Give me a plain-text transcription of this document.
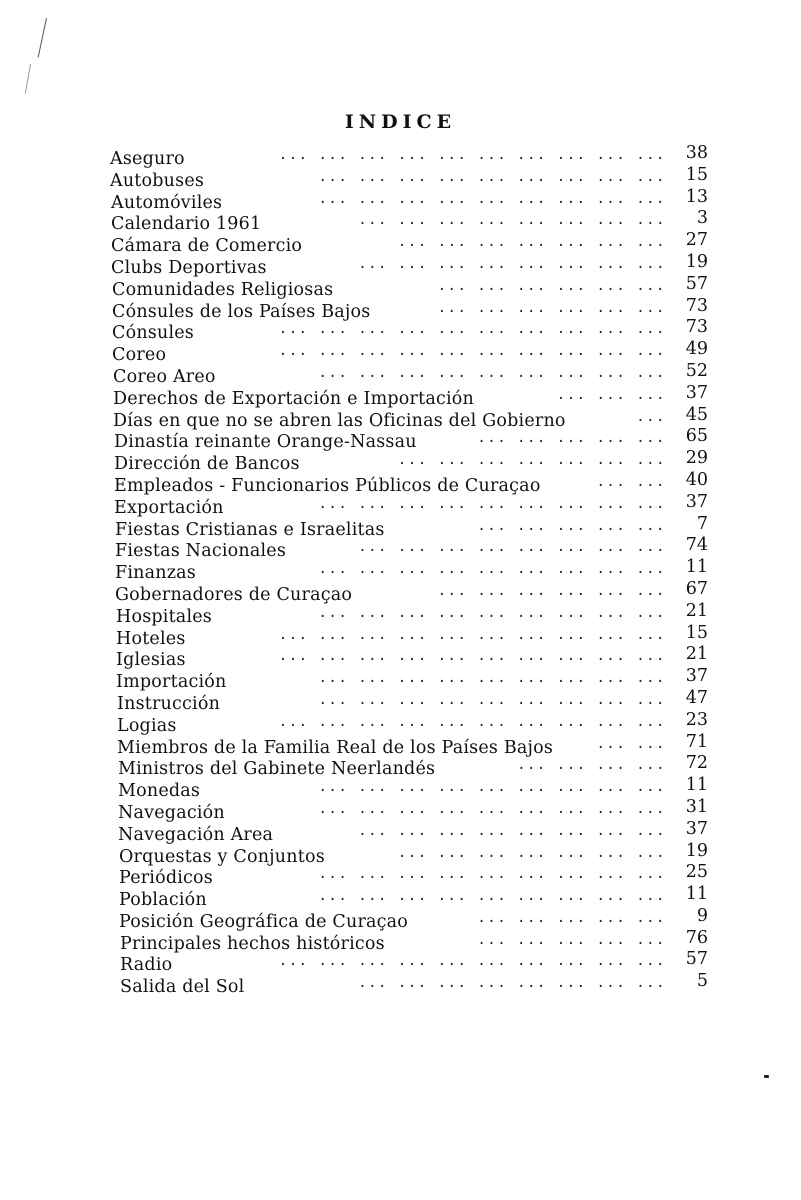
INDICE
Aseguro	... ... ... ... ... ... ... ... ... ... 38
Autobuses	... ... ... ... ... ... ... ... ... 15
Automóviles	... ... ... ... ... ... ... ... ... 13
Calendario 1961	... ... ... ... ... ... ... ... 3
Cámara de Comercio	... ... ... ... ... ... ... 27
Clubs Deportivas	... ... ... ... ... ... ... ... 19
Comunidades Religiosas	... ... ... ... ... ... 57
Cónsules de los Países Bajos	... ... ... ... ... ... 73
Cónsules	... ... ... ... ... ... ... ... ... ... 73
Coreo	... ... ... ... ... ... ... ... ... ... 49
Coreo Areo	... ... ... ... ... ... ... ... ... 52
Derechos de Exportación e Importación	... ... ... 37
Días en que no se abren las Oficinas del Gobierno	... 45
Dinastía reinante Orange-Nassau	... ... ... ... ... 65
Dirección de Bancos	... ... ... ... ... ... ... 29
Empleados - Funcionarios Públicos de Curaçao	... ... 40
Exportación	... ... ... ... ... ... ... ... ... 37
Fiestas Cristianas e Israelitas	... ... ... ... ... 7
Fiestas Nacionales	... ... ... ... ... ... ... ... 74
Finanzas	... ... ... ... ... ... ... ... ... 11
Gobernadores de Curaçao	... ... ... ... ... ... 67
Hospitales	... ... ... ... ... ... ... ... ... 21
Hoteles	... ... ... ... ... ... ... ... ... ... 15
Iglesias	... ... ... ... ... ... ... ... ... ... 21
Importación	... ... ... ... ... ... ... ... ... 37
Instrucción	... ... ... ... ... ... ... ... ... 47
Logias	... ... ... ... ... ... ... ... ... ... 23
Miembros de la Familia Real de los Países Bajos	... ... 71
Ministros del Gabinete Neerlandés	... ... ... ... 72
Monedas	... ... ... ... ... ... ... ... ... 11
Navegación	... ... ... ... ... ... ... ... ... 31
Navegación Area	... ... ... ... ... ... ... ... 37
Orquestas y Conjuntos	... ... ... ... ... ... ... 19
Periódicos	... ... ... ... ... ... ... ... ... 25
Población	... ... ... ... ... ... ... ... ... 11
Posición Geográfica de Curaçao	... ... ... ... ... 9
Principales hechos históricos	... ... ... ... ... 76
Radio	... ... ... ... ... ... ... ... ... ... 57
Salida del Sol	... ... ... ... ... ... ... ... 5
